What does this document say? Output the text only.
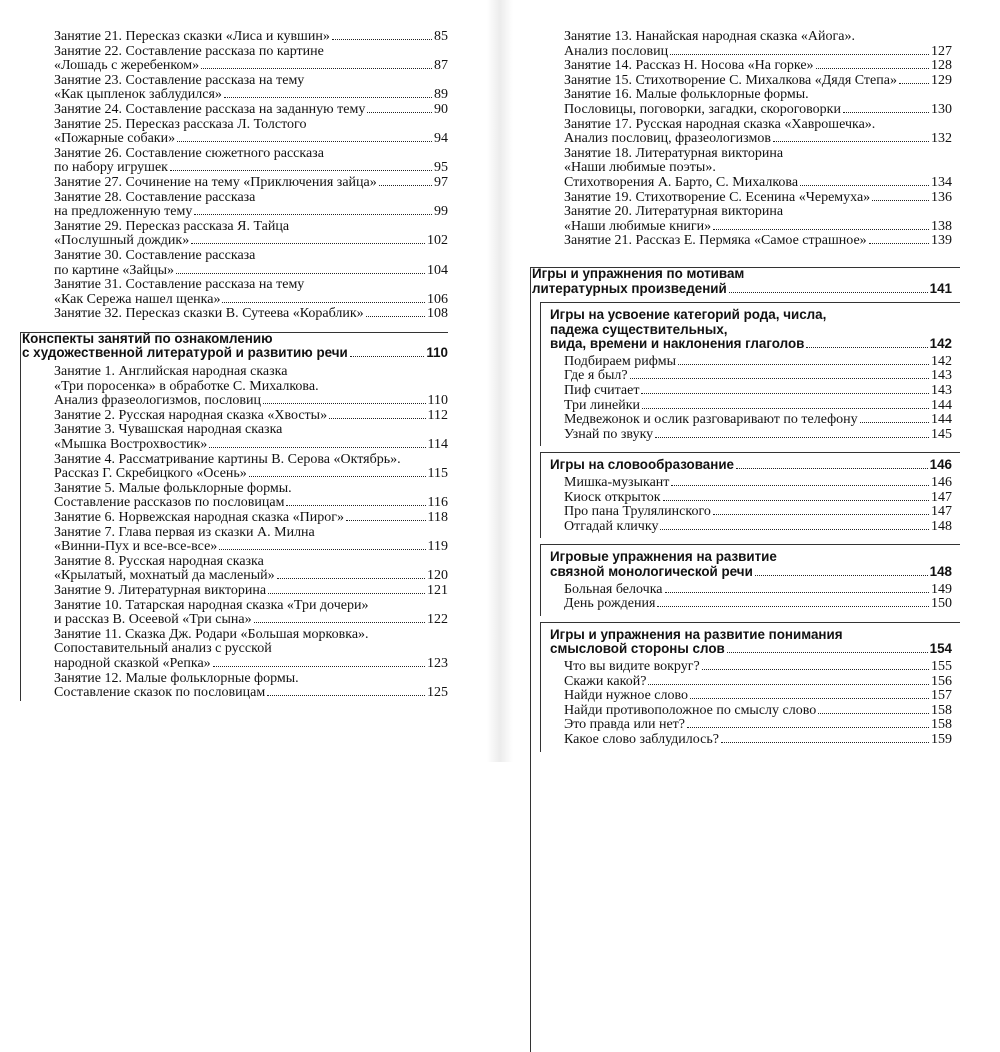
Занятие 21. Пересказ сказки «Лиса и кувшин»	85
Занятие 22. Составление рассказа по картине
«Лошадь с жеребенком»	87
Занятие 23. Составление рассказа на тему
«Как цыпленок заблудился»	89
Занятие 24. Составление рассказа на заданную тему	90
Занятие 25. Пересказ рассказа Л. Толстого
«Пожарные собаки»	94
Занятие 26. Составление сюжетного рассказа
по набору игрушек	95
Занятие 27. Сочинение на тему «Приключения зайца»	97
Занятие 28. Составление рассказа
на предложенную тему	99
Занятие 29. Пересказ рассказа Я. Тайца
«Послушный дождик»	102
Занятие 30. Составление рассказа
по картине «Зайцы»	104
Занятие 31. Составление рассказа на тему
«Как Сережа нашел щенка»	106
Занятие 32. Пересказ сказки В. Сутеева «Кораблик»	108
Конспекты занятий по ознакомлению
с художественной литературой и развитию речи	110
Занятие 1. Английская народная сказка
«Три поросенка» в обработке С. Михалкова.
Анализ фразеологизмов, пословиц	110
Занятие 2. Русская народная сказка «Хвосты»	112
Занятие 3. Чувашская народная сказка
«Мышка Вострохвостик»	114
Занятие 4. Рассматривание картины В. Серова «Октябрь».
Рассказ Г. Скребицкого «Осень»	115
Занятие 5. Малые фольклорные формы.
Составление рассказов по пословицам	116
Занятие 6. Норвежская народная сказка «Пирог»	118
Занятие 7. Глава первая из сказки А. Милна
«Винни-Пух и все-все-все»	119
Занятие 8. Русская народная сказка
«Крылатый, мохнатый да масленый»	120
Занятие 9. Литературная викторина	121
Занятие 10. Татарская народная сказка «Три дочери»
и рассказ В. Осеевой «Три сына»	122
Занятие 11. Сказка Дж. Родари «Большая морковка».
Сопоставительный анализ с русской
народной сказкой «Репка»	123
Занятие 12. Малые фольклорные формы.
Составление сказок по пословицам	125
Занятие 13. Нанайская народная сказка «Айога».
Анализ пословиц	127
Занятие 14. Рассказ Н. Носова «На горке»	128
Занятие 15. Стихотворение С. Михалкова «Дядя Степа» 129
Занятие 16. Малые фольклорные формы.
Пословицы, поговорки, загадки, скороговорки	130
Занятие 17. Русская народная сказка «Хаврошечка».
Анализ пословиц, фразеологизмов	132
Занятие 18. Литературная викторина
«Наши любимые поэты».
Стихотворения А. Барто, С. Михалкова	134
Занятие 19. Стихотворение С. Есенина «Черемуха»	136
Занятие 20. Литературная викторина
«Наши любимые книги»	138
Занятие 21. Рассказ Е. Пермяка «Самое страшное»	139
Игры и упражнения по мотивам
литературных произведений	141
Игры на усвоение категорий рода, числа,
падежа существительных,
вида, времени и наклонения глаголов	142
Подбираем рифмы	142
Где я был?	143
Пиф считает	143
Три линейки	144
Медвежонок и ослик разговаривают по телефону	144
Узнай по звуку	145
Игры на словообразование	146
Мишка-музыкант	146
Киоск открыток	147
Про пана Трулялинского	147
Отгадай кличку	148
Игровые упражнения на развитие
связной монологической речи	148
Больная белочка	149
День рождения	150
Игры и упражнения на развитие понимания
смысловой стороны слов	154
Что вы видите вокруг?	155
Скажи какой?	156
Найди нужное слово	157
Найди противоположное по смыслу слово	158
Это правда или нет?	158
Какое слово заблудилось?	159
